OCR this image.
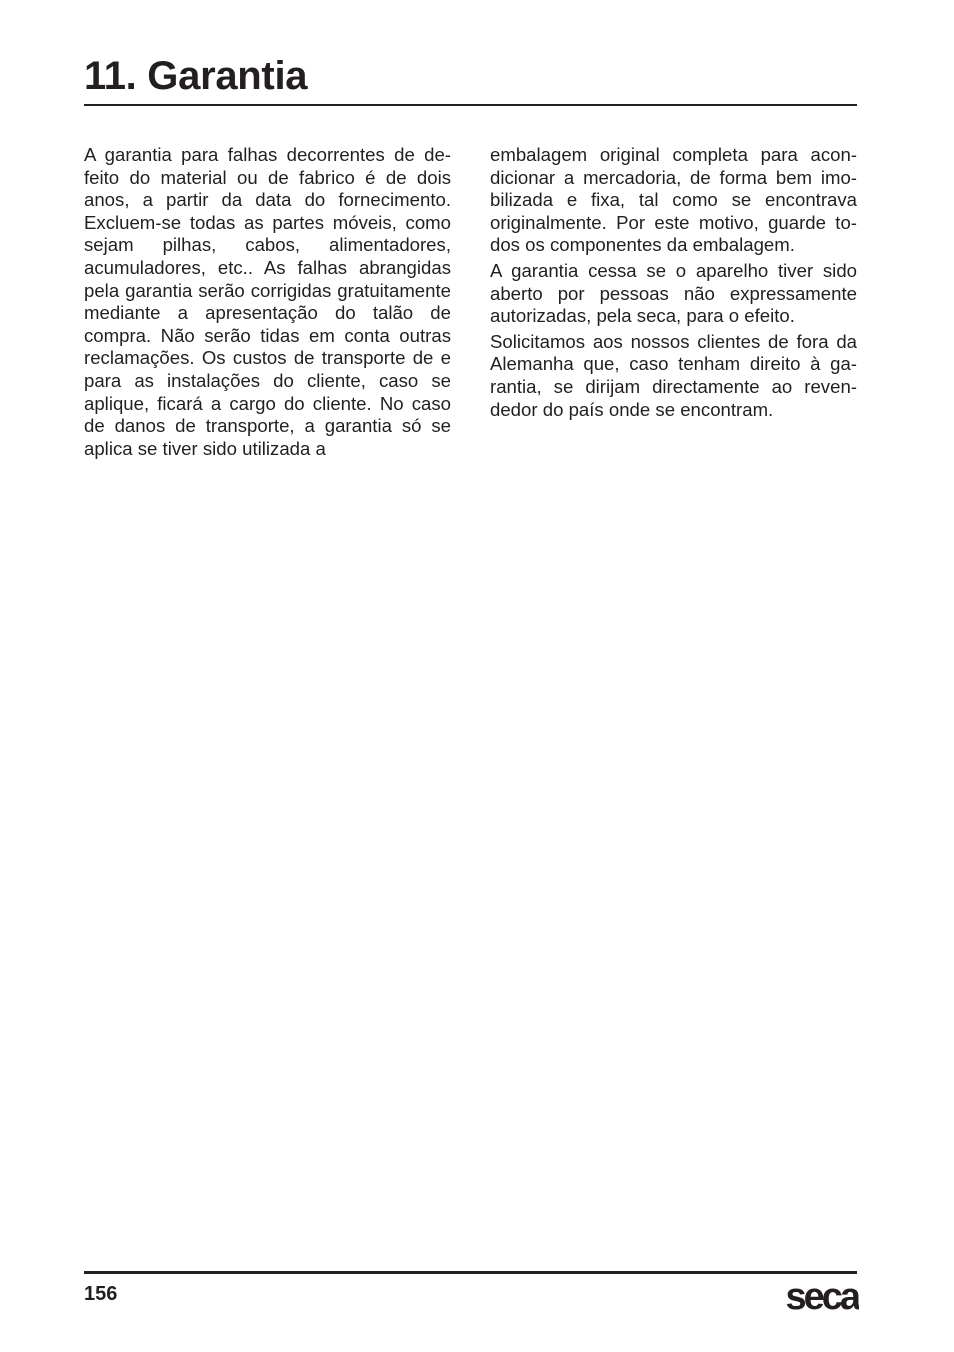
11. Garantia

A garantia para falhas decorrentes de defeito do material ou de fabrico é de dois anos, a partir da data do fornecimento. Excluem-se todas as partes móveis, como sejam pilhas, cabos, alimentadores, acumuladores, etc.. As falhas abrangidas pela garantia serão corrigidas gratuitamente mediante a apresentação do talão de compra. Não serão tidas em conta outras reclamações. Os custos de transporte de e para as instalações do cliente, caso se aplique, ficará a cargo do cliente. No caso de danos de transporte, a garantia só se aplica se tiver sido utilizada a

embalagem original completa para acondicionar a mercadoria, de forma bem imobilizada e fixa, tal como se encontrava originalmente. Por este motivo, guarde todos os componentes da embalagem.

A garantia cessa se o aparelho tiver sido aberto por pessoas não expressamente autorizadas, pela seca, para o efeito.

Solicitamos aos nossos clientes de fora da Alemanha que, caso tenham direito à garantia, se dirijam directamente ao revendedor do país onde se encontram.

156	seca
